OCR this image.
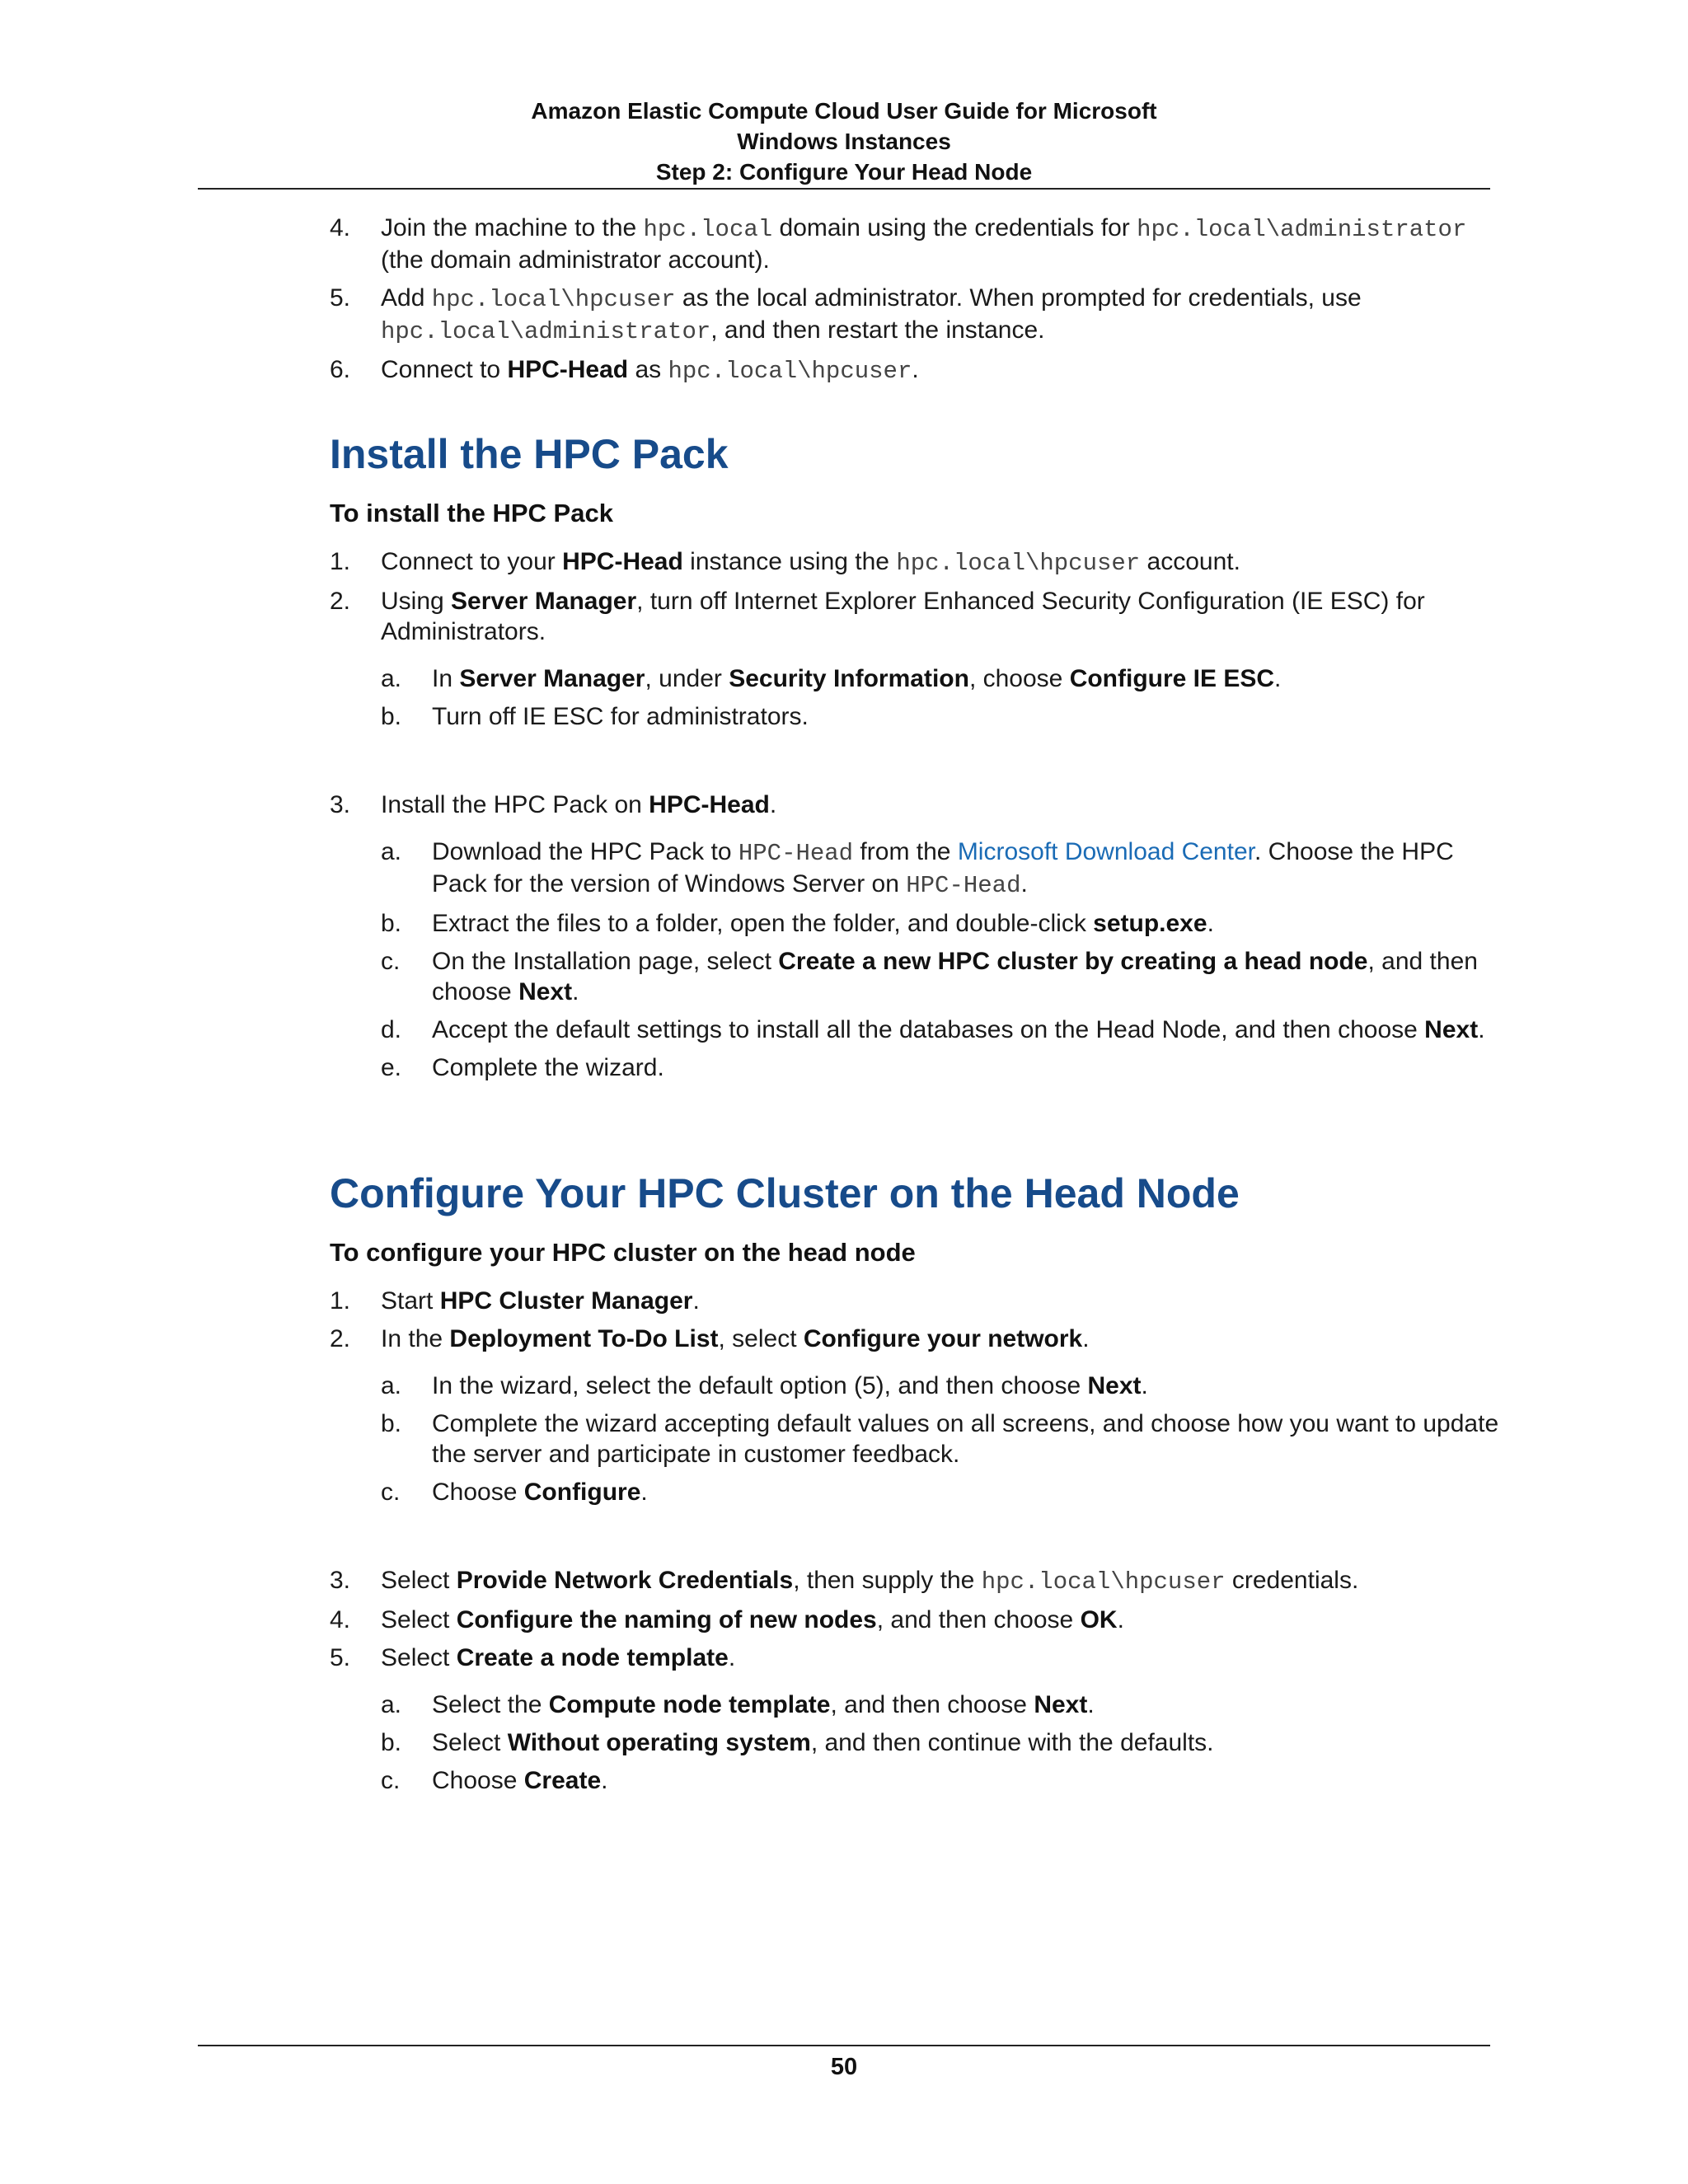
Amazon Elastic Compute Cloud User Guide for Microsoft
Windows Instances
Step 2: Configure Your Head Node
4. Join the machine to the hpc.local domain using the credentials for hpc.local\administrator
(the domain administrator account).
5. Add hpc.local\hpcuser as the local administrator. When prompted for credentials, use
hpc.local\administrator, and then restart the instance.
6. Connect to HPC-Head as hpc.local\hpcuser.
Install the HPC Pack
To install the HPC Pack
1. Connect to your HPC-Head instance using the hpc.local\hpcuser account.
2. Using Server Manager, turn off Internet Explorer Enhanced Security Configuration (IE ESC) for Administrators.
a. In Server Manager, under Security Information, choose Configure IE ESC.
b. Turn off IE ESC for administrators.
3. Install the HPC Pack on HPC-Head.
a. Download the HPC Pack to HPC-Head from the Microsoft Download Center. Choose the HPC Pack for the version of Windows Server on HPC-Head.
b. Extract the files to a folder, open the folder, and double-click setup.exe.
c. On the Installation page, select Create a new HPC cluster by creating a head node, and then choose Next.
d. Accept the default settings to install all the databases on the Head Node, and then choose Next.
e. Complete the wizard.
Configure Your HPC Cluster on the Head Node
To configure your HPC cluster on the head node
1. Start HPC Cluster Manager.
2. In the Deployment To-Do List, select Configure your network.
a. In the wizard, select the default option (5), and then choose Next.
b. Complete the wizard accepting default values on all screens, and choose how you want to update the server and participate in customer feedback.
c. Choose Configure.
3. Select Provide Network Credentials, then supply the hpc.local\hpcuser credentials.
4. Select Configure the naming of new nodes, and then choose OK.
5. Select Create a node template.
a. Select the Compute node template, and then choose Next.
b. Select Without operating system, and then continue with the defaults.
c. Choose Create.
50
